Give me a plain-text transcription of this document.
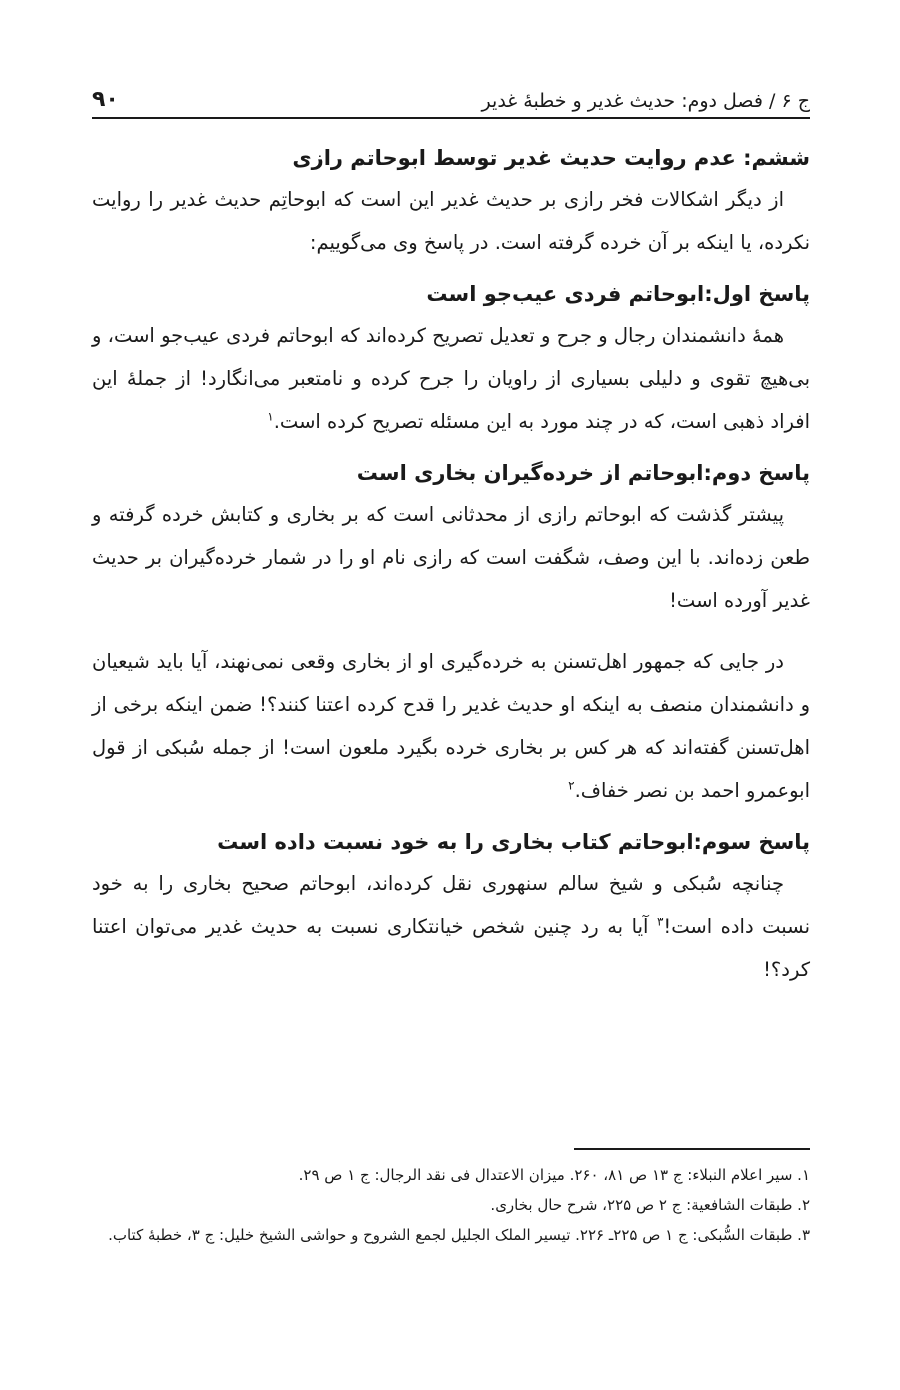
ج ۶ / فصل دوم: حدیث غدیر و خطبهٔ غدیر
۹۰

ششم: عدم روایت حدیث غدیر توسط ابوحاتم رازی

از دیگر اشکالات فخر رازی بر حدیث غدیر این است که ابوحاتِم حدیث غدیر را روایت نکرده، یا اینکه بر آن خرده گرفته است. در پاسخ وی می‌گوییم:

پاسخ اول:ابوحاتم فردی عیب‌جو است

همهٔ دانشمندان رجال و جرح و تعدیل تصریح کرده‌اند که ابوحاتم فردی عیب‌جو است، و بی‌هیچ تقوی و دلیلی بسیاری از راویان را جرح کرده و نامتعبر می‌انگارد! از جملهٔ این افراد ذهبی است، که در چند مورد به این مسئله تصریح کرده است.$^۱$

پاسخ دوم:ابوحاتم از خرده‌گیران بخاری است

پیشتر گذشت که ابوحاتم رازی از محدثانی است که بر بخاری و کتابش خرده گرفته و طعن زده‌اند. با این وصف، شگفت است که رازی نام او را در شمار خرده‌گیران بر حدیث غدیر آورده است!

در جایی که جمهور اهل‌تسنن به خرده‌گیری او از بخاری وقعی نمی‌نهند، آیا باید شیعیان و دانشمندان منصف به اینکه او حدیث غدیر را قدح کرده اعتنا کنند؟! ضمن اینکه برخی از اهل‌تسنن گفته‌اند که هر کس بر بخاری خرده بگیرد ملعون است! از جمله سُبکی از قول ابوعمرو احمد بن نصر خفاف.$^۲$

پاسخ سوم:ابوحاتم کتاب بخاری را به خود نسبت داده است

چنانچه سُبکی و شیخ سالم سنهوری نقل کرده‌اند، ابوحاتم صحیح بخاری را به خود نسبت داده است!$^۳$ آیا به رد چنین شخص خیانتکاری نسبت به حدیث غدیر می‌توان اعتنا کرد؟!

۱. سیر اعلام النبلاء: ج ۱۳ ص ۸۱، ۲۶۰. میزان الاعتدال فی نقد الرجال: ج ۱ ص ۲۹.

۲. طبقات الشافعیة: ج ۲ ص ۲۲۵، شرح حال بخاری.

۳. طبقات السُّبکی: ج ۱ ص ۲۲۵ـ ۲۲۶. تیسیر الملک الجلیل لجمع الشروح و حواشی الشیخ خلیل: ج ۳، خطبهٔ کتاب.
